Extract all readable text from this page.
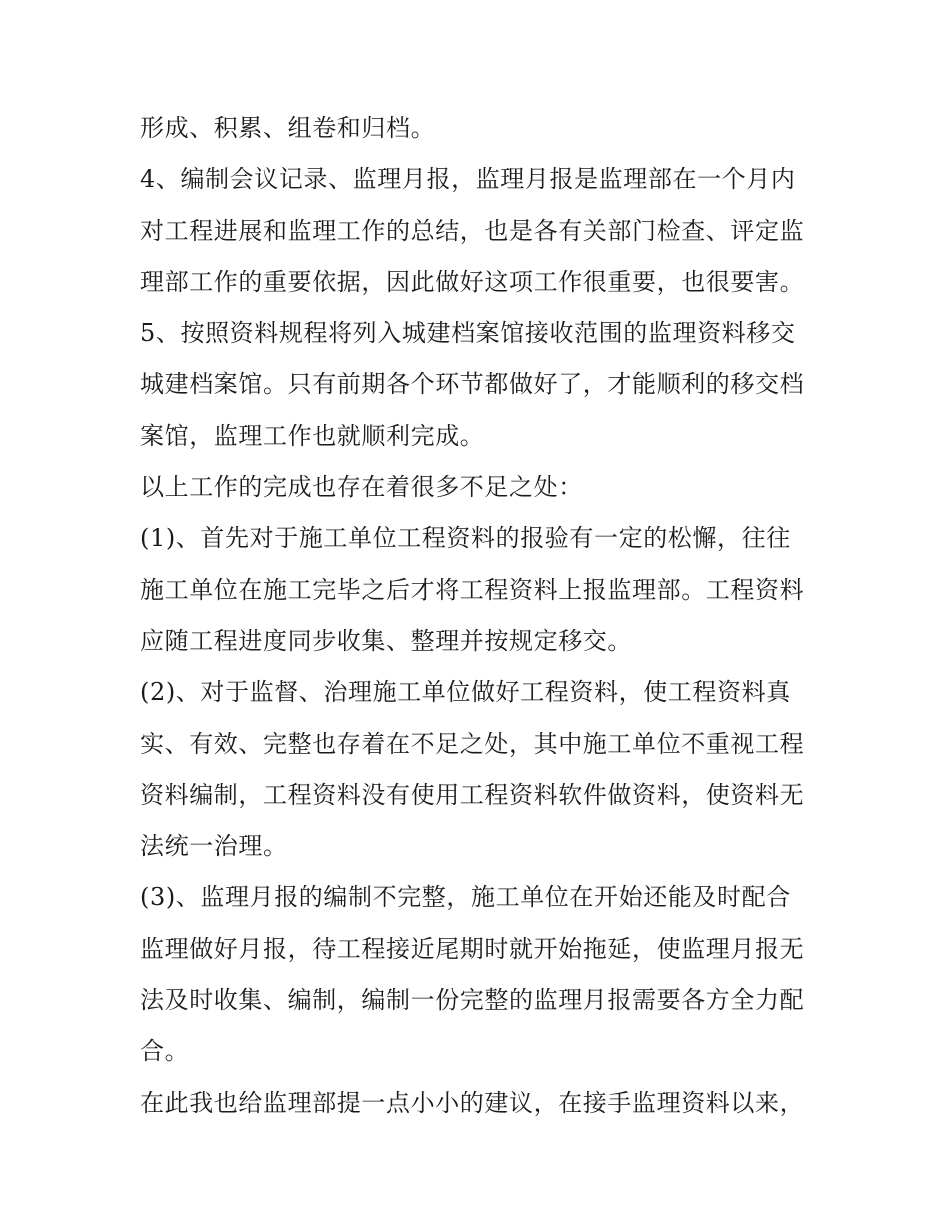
形成、积累、组卷和归档。
4、编制会议记录、监理月报，监理月报是监理部在一个月内
对工程进展和监理工作的总结，也是各有关部门检查、评定监
理部工作的重要依据，因此做好这项工作很重要，也很要害。
5、按照资料规程将列入城建档案馆接收范围的监理资料移交
城建档案馆。只有前期各个环节都做好了，才能顺利的移交档
案馆，监理工作也就顺利完成。
以上工作的完成也存在着很多不足之处：
(1)、首先对于施工单位工程资料的报验有一定的松懈，往往
施工单位在施工完毕之后才将工程资料上报监理部。工程资料
应随工程进度同步收集、整理并按规定移交。
(2)、对于监督、治理施工单位做好工程资料，使工程资料真
实、有效、完整也存着在不足之处，其中施工单位不重视工程
资料编制，工程资料没有使用工程资料软件做资料，使资料无
法统一治理。
(3)、监理月报的编制不完整，施工单位在开始还能及时配合
监理做好月报，待工程接近尾期时就开始拖延，使监理月报无
法及时收集、编制，编制一份完整的监理月报需要各方全力配
合。
在此我也给监理部提一点小小的建议，在接手监理资料以来，
